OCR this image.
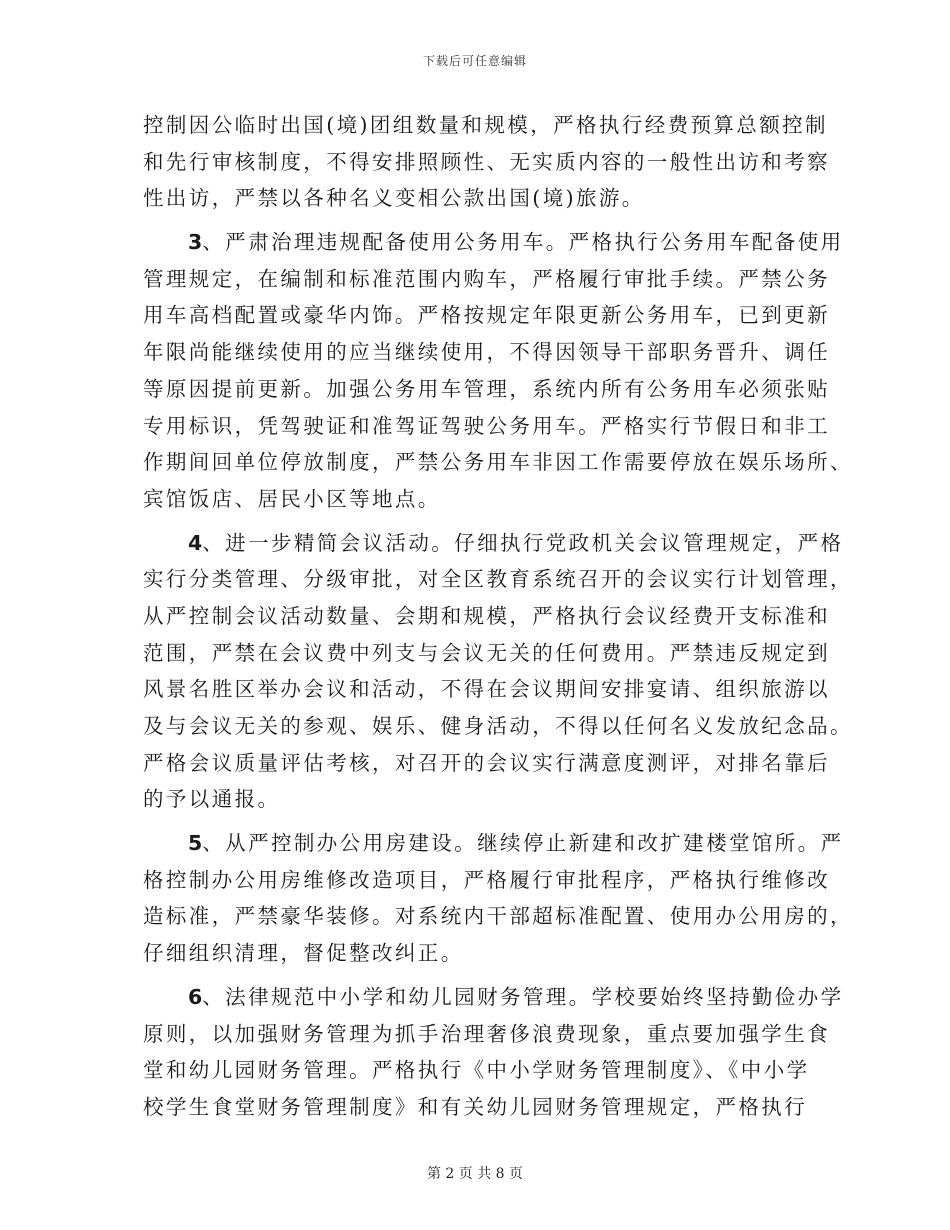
下载后可任意编辑
控制因公临时出国(境)团组数量和规模，严格执行经费预算总额控制
和先行审核制度，不得安排照顾性、无实质内容的一般性出访和考察
性出访，严禁以各种名义变相公款出国(境)旅游。
3、严肃治理违规配备使用公务用车。严格执行公务用车配备使用
管理规定，在编制和标准范围内购车，严格履行审批手续。严禁公务
用车高档配置或豪华内饰。严格按规定年限更新公务用车，已到更新
年限尚能继续使用的应当继续使用，不得因领导干部职务晋升、调任
等原因提前更新。加强公务用车管理，系统内所有公务用车必须张贴
专用标识，凭驾驶证和准驾证驾驶公务用车。严格实行节假日和非工
作期间回单位停放制度，严禁公务用车非因工作需要停放在娱乐场所、
宾馆饭店、居民小区等地点。
4、进一步精简会议活动。仔细执行党政机关会议管理规定，严格
实行分类管理、分级审批，对全区教育系统召开的会议实行计划管理，
从严控制会议活动数量、会期和规模，严格执行会议经费开支标准和
范围，严禁在会议费中列支与会议无关的任何费用。严禁违反规定到
风景名胜区举办会议和活动，不得在会议期间安排宴请、组织旅游以
及与会议无关的参观、娱乐、健身活动，不得以任何名义发放纪念品。
严格会议质量评估考核，对召开的会议实行满意度测评，对排名靠后
的予以通报。
5、从严控制办公用房建设。继续停止新建和改扩建楼堂馆所。严
格控制办公用房维修改造项目，严格履行审批程序，严格执行维修改
造标准，严禁豪华装修。对系统内干部超标准配置、使用办公用房的，
仔细组织清理，督促整改纠正。
6、法律规范中小学和幼儿园财务管理。学校要始终坚持勤俭办学
原则，以加强财务管理为抓手治理奢侈浪费现象，重点要加强学生食
堂和幼儿园财务管理。严格执行《中小学财务管理制度》、《中小学
校学生食堂财务管理制度》和有关幼儿园财务管理规定，严格执行
第 2 页 共 8 页
